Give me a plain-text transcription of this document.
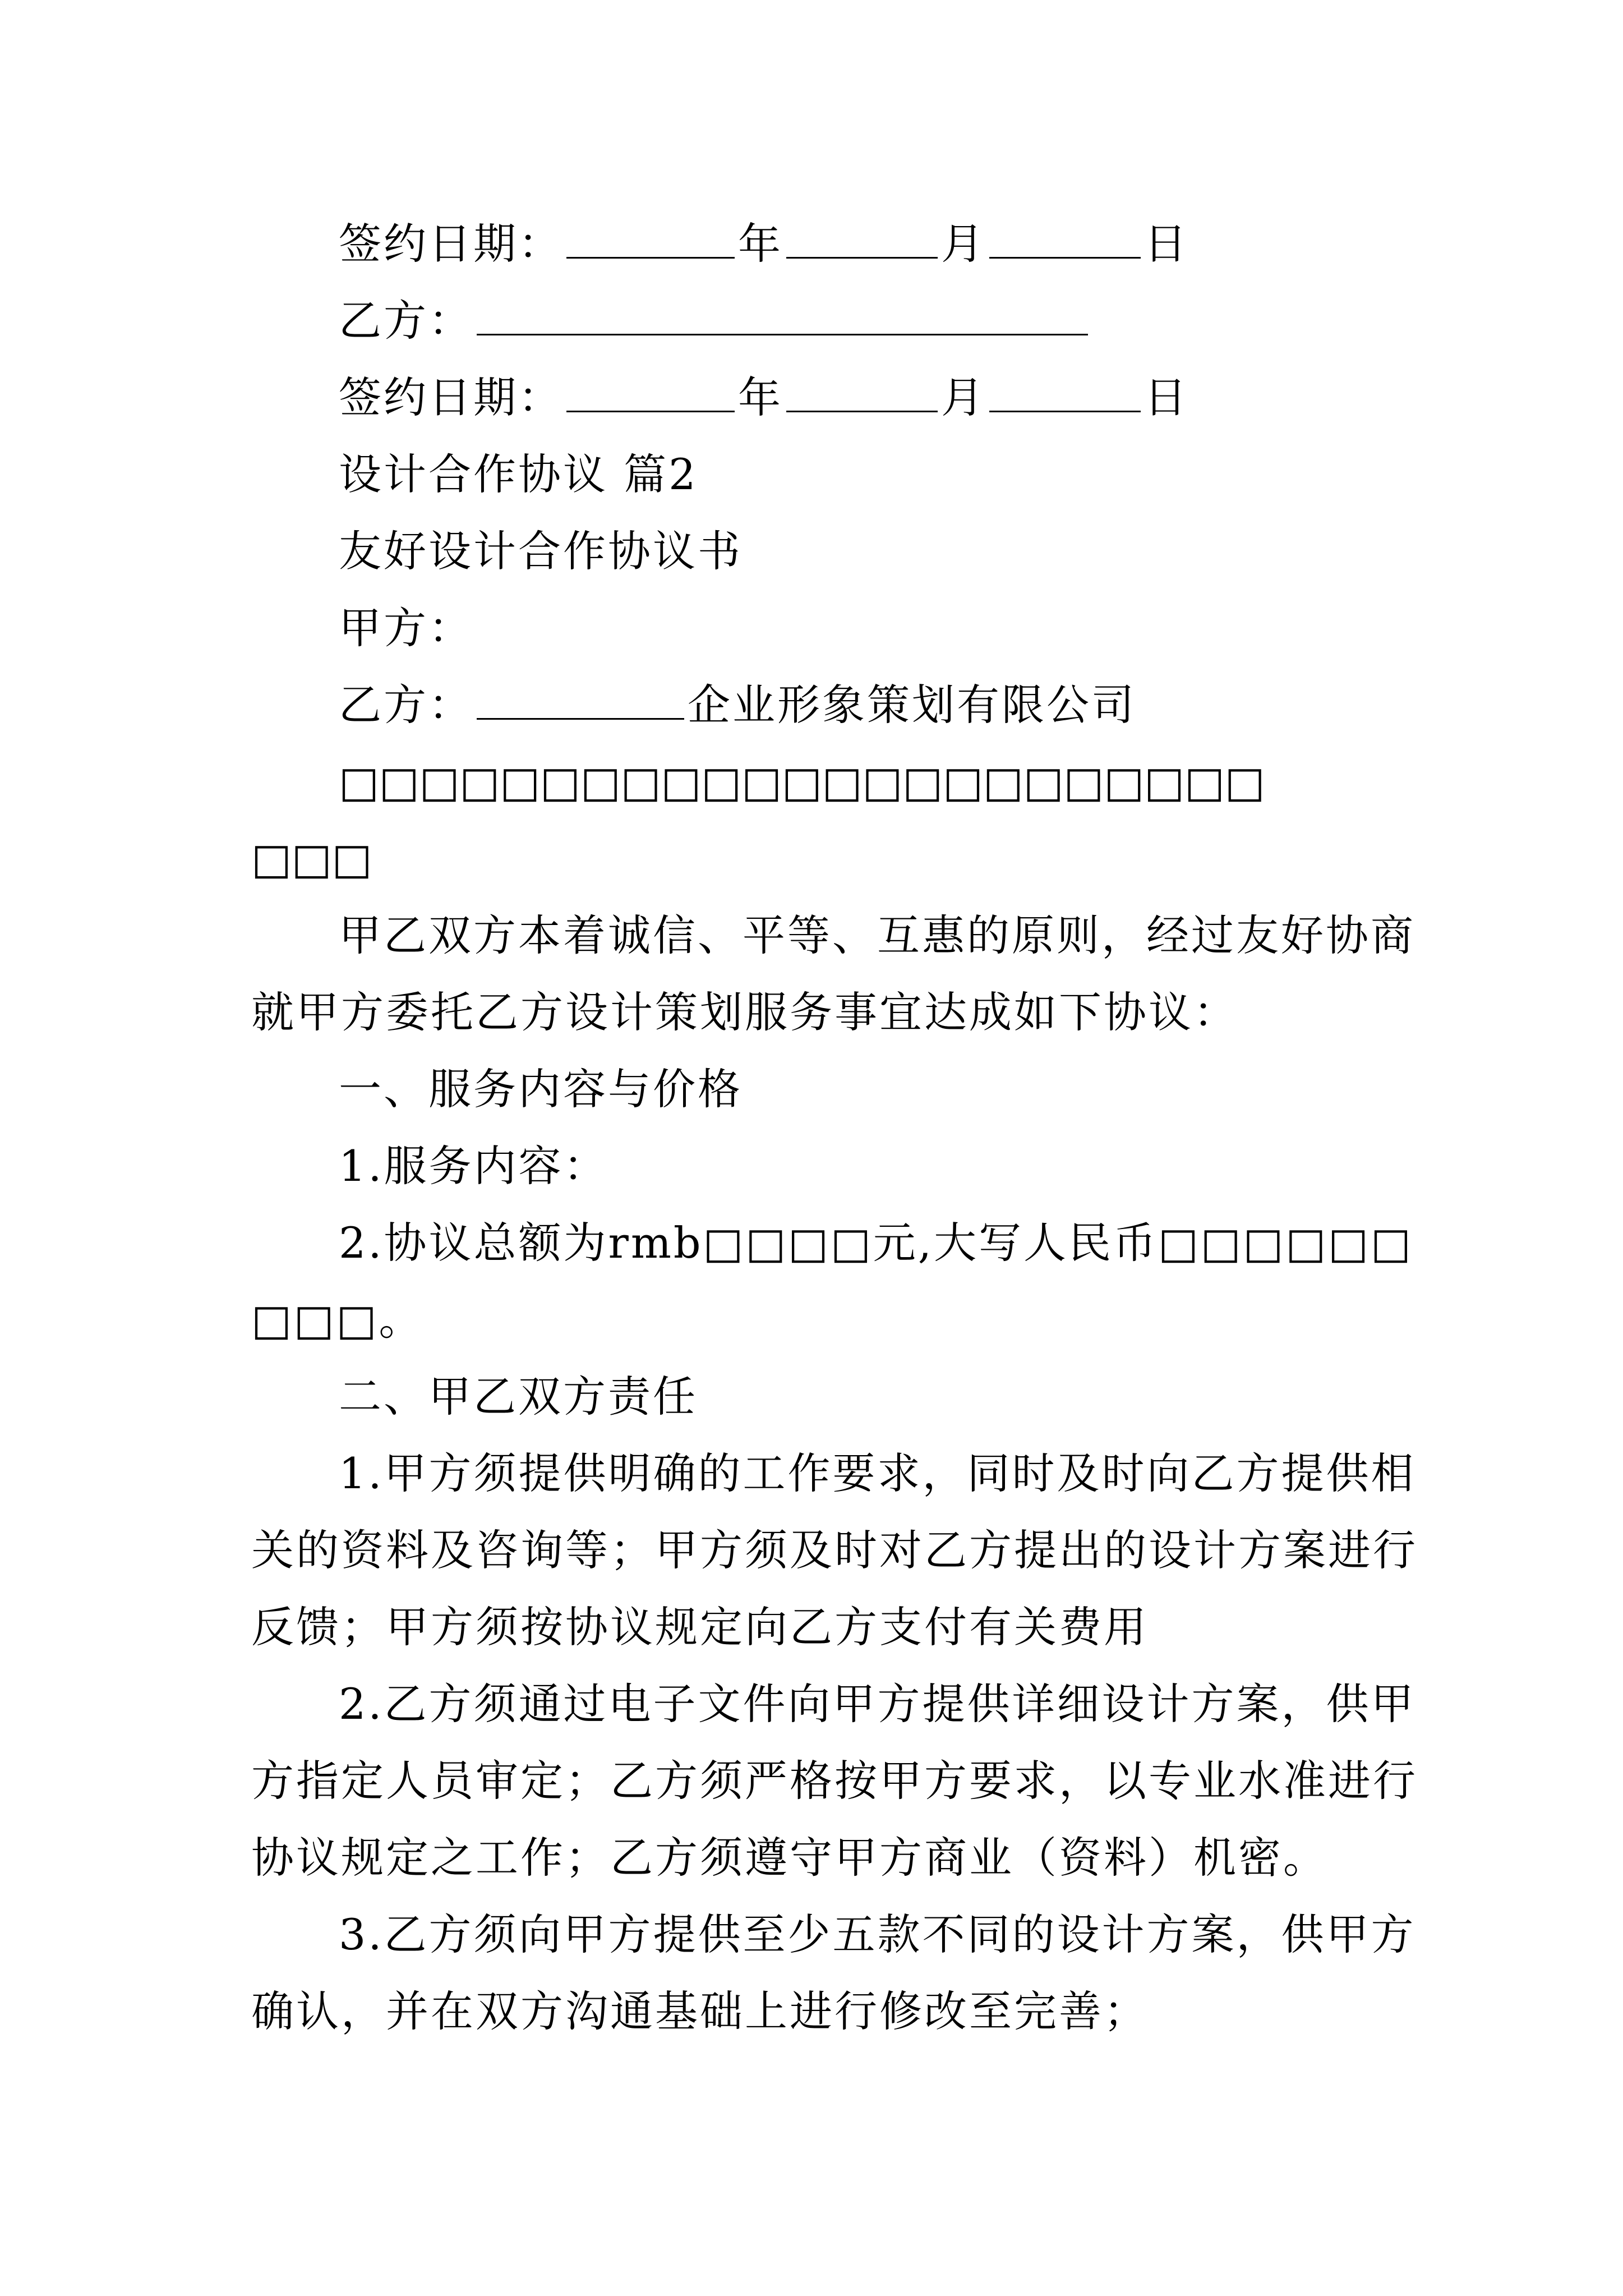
签约日期：	年	月	日
乙方：
签约日期：	年	月	日
设计合作协议 篇2
友好设计合作协议书
甲方：
乙方：	企业形象策划有限公司
□□□□□□□□□□□□□□□□□□□□□□□
□□□
甲乙双方本着诚信、平等、互惠的原则，经过友好协商
就甲方委托乙方设计策划服务事宜达成如下协议：
一、服务内容与价格
1.服务内容：
2.协议总额为rmb□□□□元,大写人民币□□□□□□
□□□。
二、甲乙双方责任
1.甲方须提供明确的工作要求，同时及时向乙方提供相
关的资料及咨询等；甲方须及时对乙方提出的设计方案进行
反馈；甲方须按协议规定向乙方支付有关费用
2.乙方须通过电子文件向甲方提供详细设计方案，供甲
方指定人员审定；乙方须严格按甲方要求，以专业水准进行
协议规定之工作；乙方须遵守甲方商业（资料）机密。
3.乙方须向甲方提供至少五款不同的设计方案，供甲方
确认，并在双方沟通基础上进行修改至完善；
